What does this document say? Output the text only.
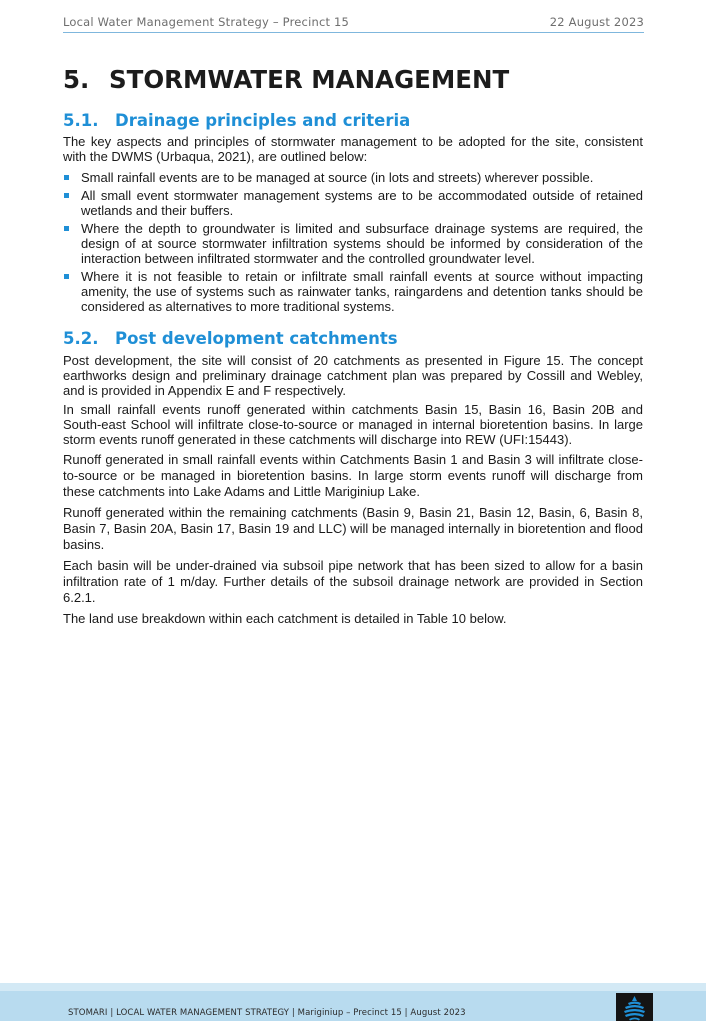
Local Water Management Strategy – Precinct 15	22 August 2023
5. STORMWATER MANAGEMENT
5.1. Drainage principles and criteria

The key aspects and principles of stormwater management to be adopted for the site, consistent with the DWMS (Urbaqua, 2021), are outlined below:

Small rainfall events are to be managed at source (in lots and streets) wherever possible.
All small event stormwater management systems are to be accommodated outside of retained wetlands and their buffers.
Where the depth to groundwater is limited and subsurface drainage systems are required, the design of at source stormwater infiltration systems should be informed by consideration of the interaction between infiltrated stormwater and the controlled groundwater level.
Where it is not feasible to retain or infiltrate small rainfall events at source without impacting amenity, the use of systems such as rainwater tanks, raingardens and detention tanks should be considered as alternatives to more traditional systems.
5.2. Post development catchments

Post development, the site will consist of 20 catchments as presented in Figure 15. The concept earthworks design and preliminary drainage catchment plan was prepared by Cossill and Webley, and is provided in Appendix E and F respectively.

In small rainfall events runoff generated within catchments Basin 15, Basin 16, Basin 20B and South-east School will infiltrate close-to-source or managed in internal bioretention basins. In large storm events runoff generated in these catchments will discharge into REW (UFI:15443).

Runoff generated in small rainfall events within Catchments Basin 1 and Basin 3 will infiltrate close-to-source or be managed in bioretention basins. In large storm events runoff will discharge from these catchments into Lake Adams and Little Mariginiup Lake.

Runoff generated within the remaining catchments (Basin 9, Basin 21, Basin 12, Basin, 6, Basin 8, Basin 7, Basin 20A, Basin 17, Basin 19 and LLC) will be managed internally in bioretention and flood basins.

Each basin will be under-drained via subsoil pipe network that has been sized to allow for a basin infiltration rate of 1 m/day. Further details of the subsoil drainage network are provided in Section 6.2.1.

The land use breakdown within each catchment is detailed in Table 10 below.

STOMARI | LOCAL WATER MANAGEMENT STRATEGY | Mariginiup – Precinct 15 | August 2023
